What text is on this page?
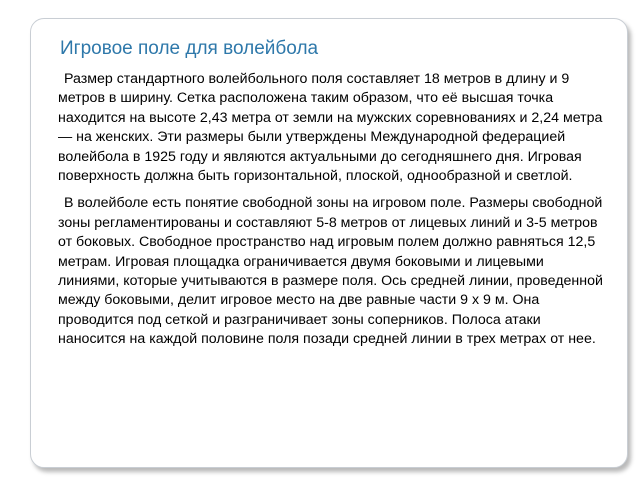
Игровое поле для волейбола

Размер стандартного волейбольного поля составляет 18 метров в длину и 9 метров в ширину. Сетка расположена таким образом, что её высшая точка находится на высоте 2,43 метра от земли на мужских соревнованиях и 2,24 метра — на женских. Эти размеры были утверждены Международной федерацией волейбола в 1925 году и являются актуальными до сегодняшнего дня. Игровая поверхность должна быть горизонтальной, плоской, однообразной и светлой.

В волейболе есть понятие свободной зоны на игровом поле. Размеры свободной зоны регламентированы и составляют 5-8 метров от лицевых линий и 3-5 метров от боковых. Свободное пространство над игровым полем должно равняться 12,5 метрам. Игровая площадка ограничивается двумя боковыми и лицевыми линиями, которые учитываются в размере поля. Ось средней линии, проведенной между боковыми, делит игровое место на две равные части 9 х 9 м. Она проводится под сеткой и разграничивает зоны соперников. Полоса атаки наносится на каждой половине поля позади средней линии в трех метрах от нее.
